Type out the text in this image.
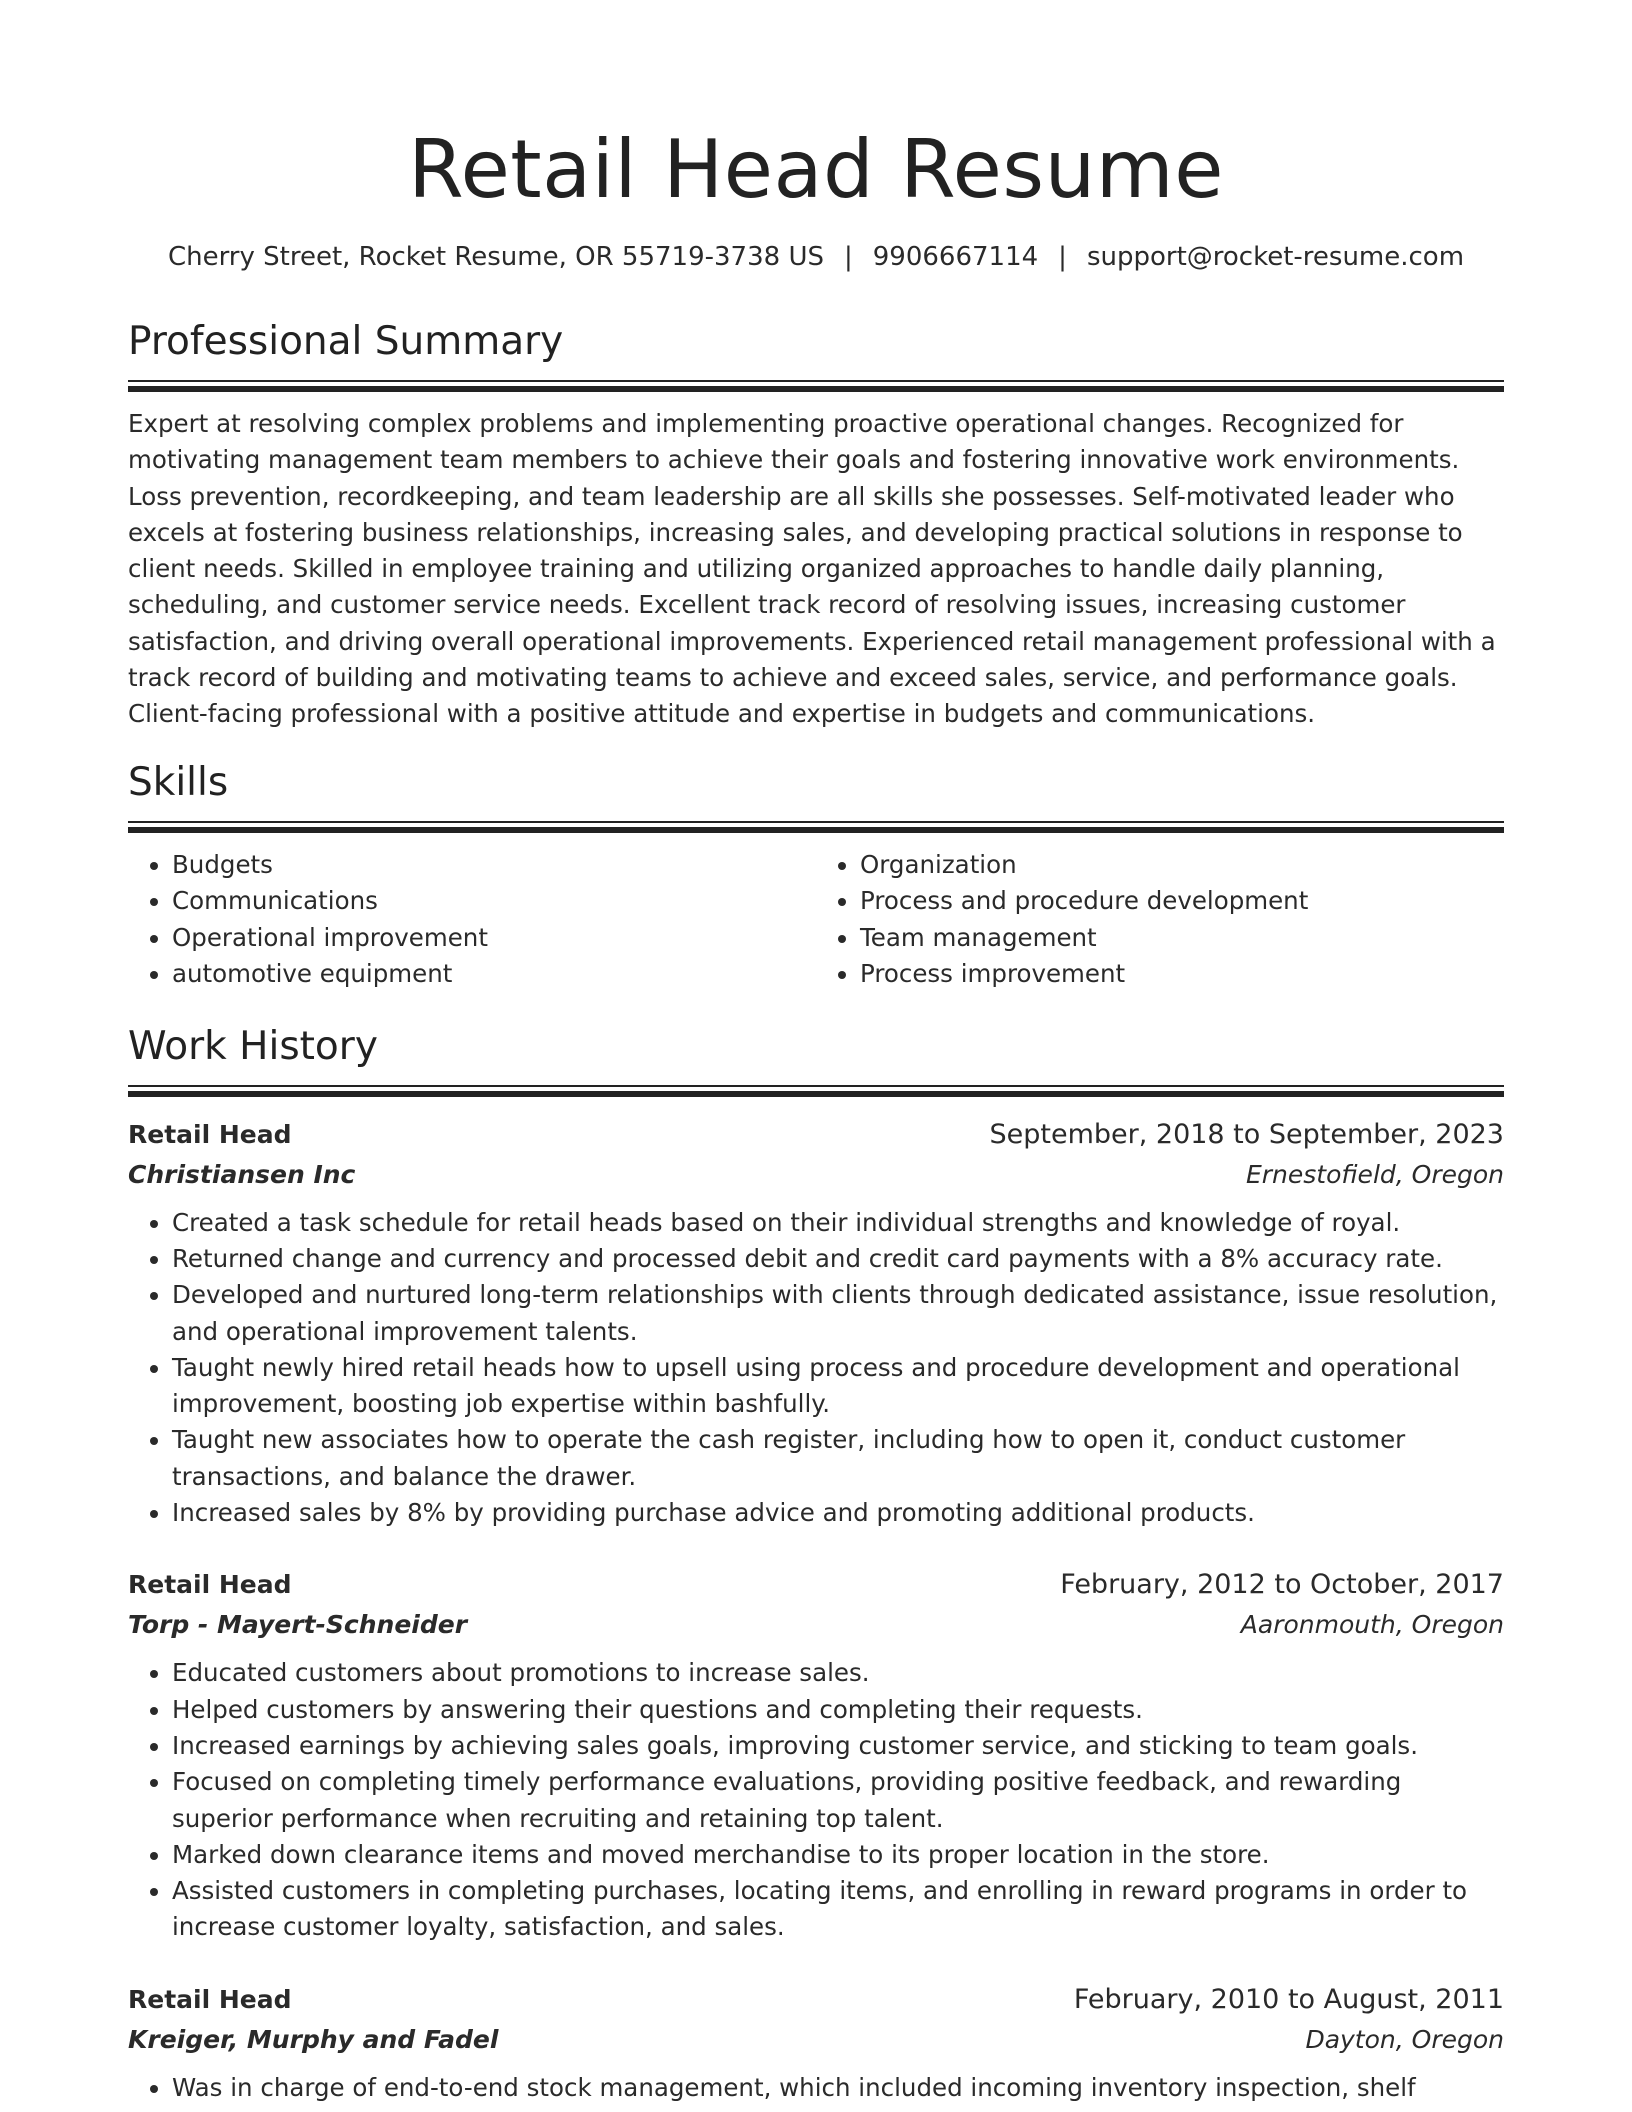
Retail Head Resume
Cherry Street, Rocket Resume, OR 55719-3738 US | 9906667114 | support@rocket-resume.com
Professional Summary

Expert at resolving complex problems and implementing proactive operational changes. Recognized for motivating management team members to achieve their goals and fostering innovative work environments. Loss prevention, recordkeeping, and team leadership are all skills she possesses. Self-motivated leader who excels at fostering business relationships, increasing sales, and developing practical solutions in response to client needs. Skilled in employee training and utilizing organized approaches to handle daily planning, scheduling, and customer service needs. Excellent track record of resolving issues, increasing customer satisfaction, and driving overall operational improvements. Experienced retail management professional with a track record of building and motivating teams to achieve and exceed sales, service, and performance goals. Client-facing professional with a positive attitude and expertise in budgets and communications.

Skills
• Budgets
• Communications
• Operational improvement
• automotive equipment
• Organization
• Process and procedure development
• Team management
• Process improvement
Work History
Retail Head	September, 2018 to September, 2023
Christiansen Inc	Ernestofield, Oregon
• Created a task schedule for retail heads based on their individual strengths and knowledge of royal.
• Returned change and currency and processed debit and credit card payments with a 8% accuracy rate.
• Developed and nurtured long-term relationships with clients through dedicated assistance, issue resolution, and operational improvement talents.
• Taught newly hired retail heads how to upsell using process and procedure development and operational improvement, boosting job expertise within bashfully.
• Taught new associates how to operate the cash register, including how to open it, conduct customer transactions, and balance the drawer.
• Increased sales by 8% by providing purchase advice and promoting additional products.
Retail Head	February, 2012 to October, 2017
Torp - Mayert-Schneider	Aaronmouth, Oregon
• Educated customers about promotions to increase sales.
• Helped customers by answering their questions and completing their requests.
• Increased earnings by achieving sales goals, improving customer service, and sticking to team goals.
• Focused on completing timely performance evaluations, providing positive feedback, and rewarding superior performance when recruiting and retaining top talent.
• Marked down clearance items and moved merchandise to its proper location in the store.
• Assisted customers in completing purchases, locating items, and enrolling in reward programs in order to increase customer loyalty, satisfaction, and sales.
Retail Head	February, 2010 to August, 2011
Kreiger, Murphy and Fadel	Dayton, Oregon
• Was in charge of end-to-end stock management, which included incoming inventory inspection, shelf
